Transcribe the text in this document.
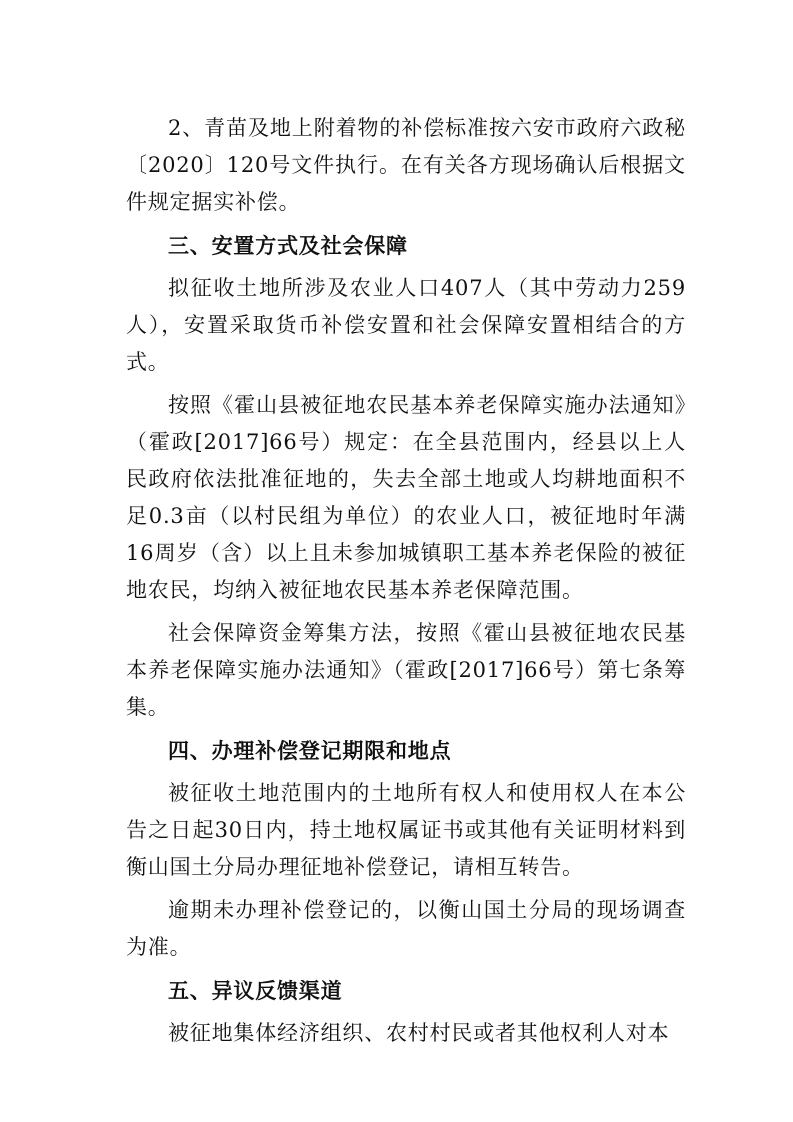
2、青苗及地上附着物的补偿标准按六安市政府六政秘〔2020〕120号文件执行。在有关各方现场确认后根据文件规定据实补偿。

三、安置方式及社会保障

拟征收土地所涉及农业人口407人（其中劳动力259人），安置采取货币补偿安置和社会保障安置相结合的方式。

按照《霍山县被征地农民基本养老保障实施办法通知》（霍政[2017]66号）规定：在全县范围内，经县以上人民政府依法批准征地的，失去全部土地或人均耕地面积不足0.3亩（以村民组为单位）的农业人口，被征地时年满16周岁（含）以上且未参加城镇职工基本养老保险的被征地农民，均纳入被征地农民基本养老保障范围。

社会保障资金筹集方法，按照《霍山县被征地农民基本养老保障实施办法通知》（霍政[2017]66号）第七条筹集。

四、办理补偿登记期限和地点

被征收土地范围内的土地所有权人和使用权人在本公告之日起30日内，持土地权属证书或其他有关证明材料到衡山国土分局办理征地补偿登记，请相互转告。

逾期未办理补偿登记的，以衡山国土分局的现场调查为准。

五、异议反馈渠道

被征地集体经济组织、农村村民或者其他权利人对本
